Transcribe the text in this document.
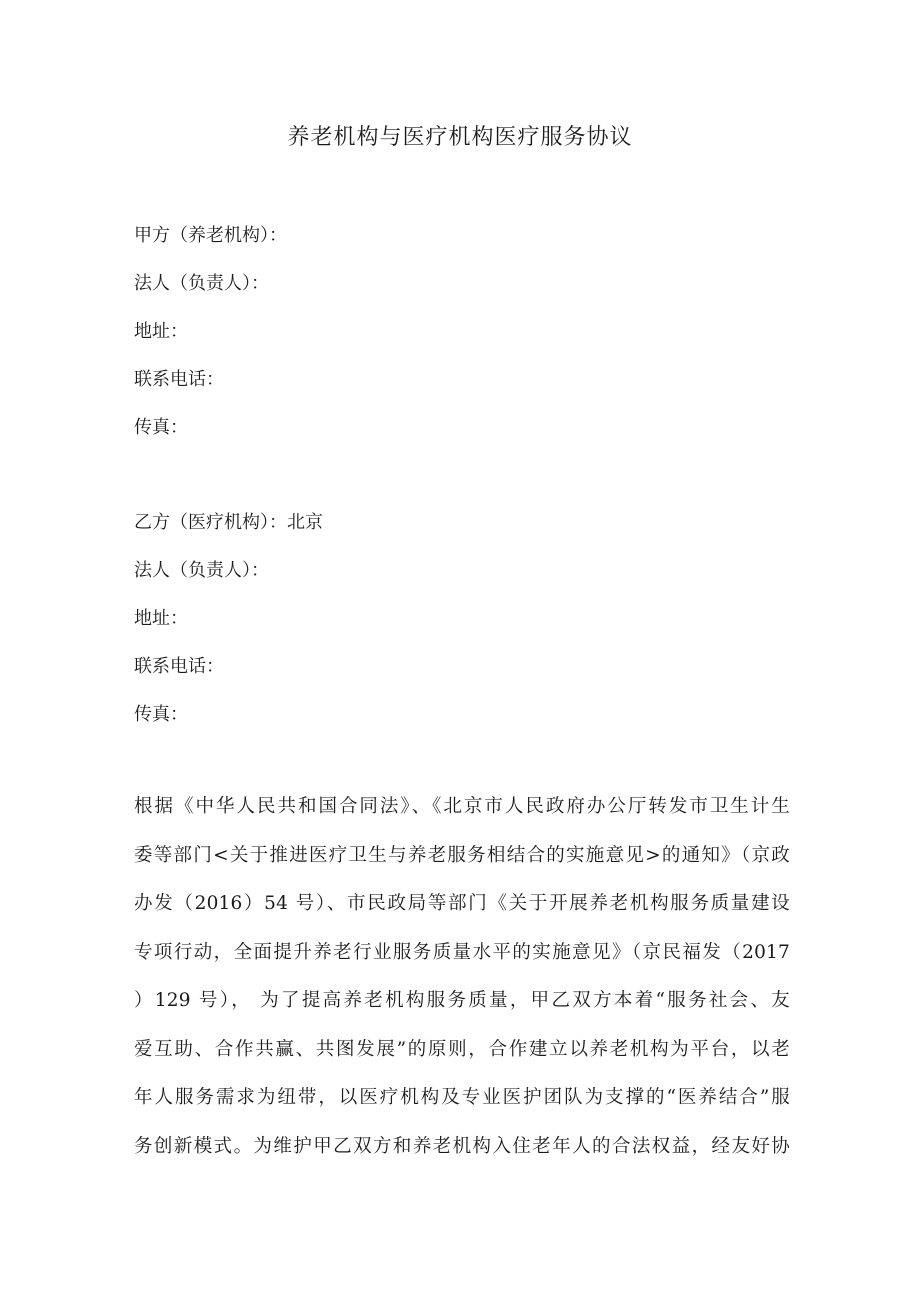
养老机构与医疗机构医疗服务协议
甲方（养老机构）：
法人（负责人）：
地址：
联系电话：
传真：
乙方（医疗机构）：北京
法人（负责人）：
地址：
联系电话：
传真：
根据《中华人民共和国合同法》、《北京市人民政府办公厅转发市卫生计生
委等部门<关于推进医疗卫生与养老服务相结合的实施意见>的通知》（京政
办发（2016）54 号）、市民政局等部门《关于开展养老机构服务质量建设
专项行动，全面提升养老行业服务质量水平的实施意见》（京民福发（2017
）129 号）， 为了提高养老机构服务质量，甲乙双方本着“服务社会、友
爱互助、合作共赢、共图发展”的原则，合作建立以养老机构为平台，以老
年人服务需求为纽带，以医疗机构及专业医护团队为支撑的“医养结合”服
务创新模式。为维护甲乙双方和养老机构入住老年人的合法权益，经友好协
